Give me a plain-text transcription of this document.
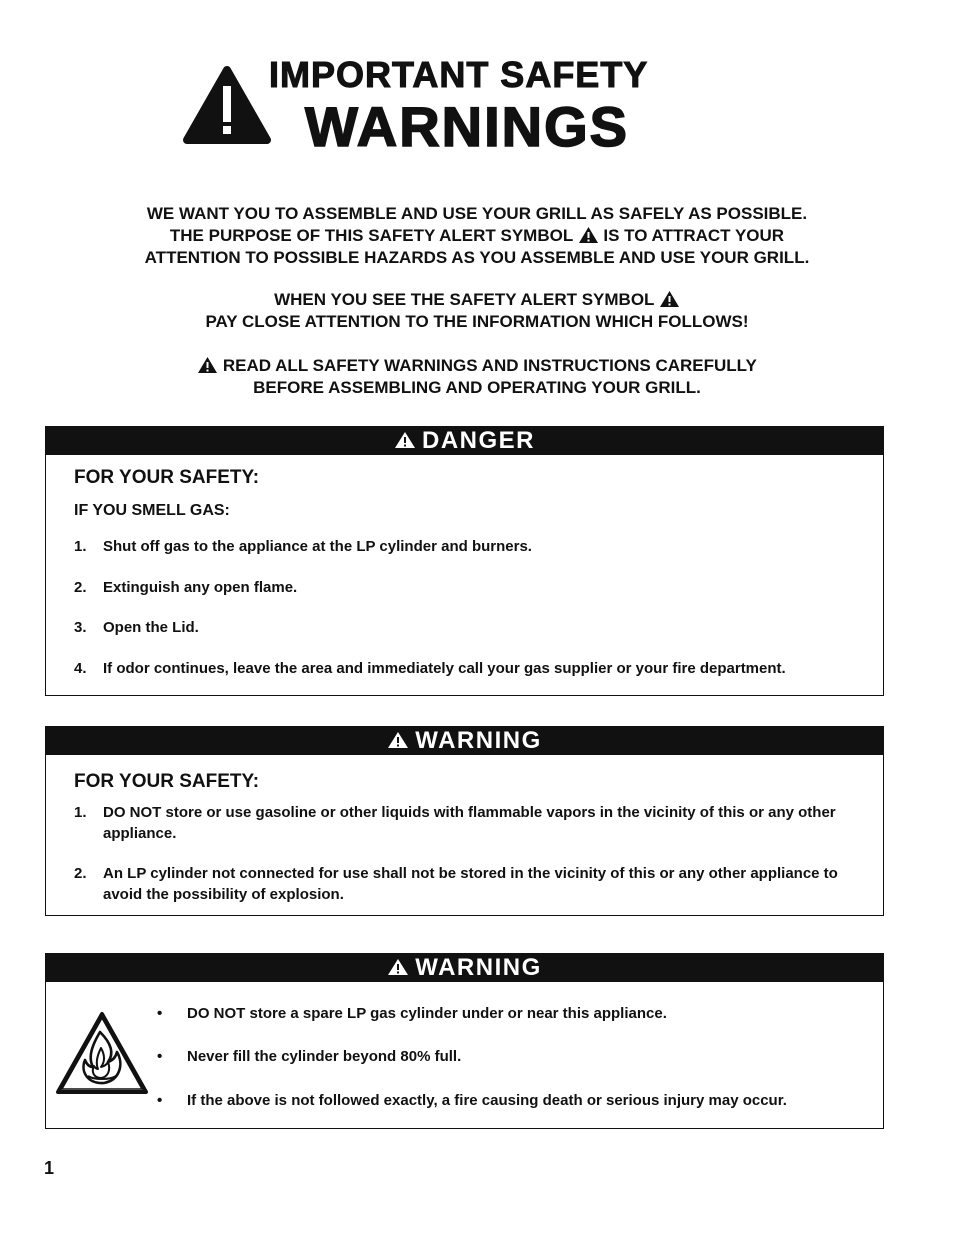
IMPORTANT SAFETY
WARNINGS
WE WANT YOU TO ASSEMBLE AND USE YOUR GRILL AS SAFELY AS POSSIBLE.
THE PURPOSE OF THIS SAFETY ALERT SYMBOL IS TO ATTRACT YOUR
ATTENTION TO POSSIBLE HAZARDS AS YOU ASSEMBLE AND USE YOUR GRILL.
WHEN YOU SEE THE SAFETY ALERT SYMBOL
PAY CLOSE ATTENTION TO THE INFORMATION WHICH FOLLOWS!
READ ALL SAFETY WARNINGS AND INSTRUCTIONS CAREFULLY
BEFORE ASSEMBLING AND OPERATING YOUR GRILL.
DANGER
FOR YOUR SAFETY:
IF YOU SMELL GAS:
1. Shut off gas to the appliance at the LP cylinder and burners.
2. Extinguish any open flame.
3. Open the Lid.
4. If odor continues, leave the area and immediately call your gas supplier or your fire department.
WARNING
FOR YOUR SAFETY:
1. DO NOT store or use gasoline or other liquids with flammable vapors in the vicinity of this or any other appliance.
2. An LP cylinder not connected for use shall not be stored in the vicinity of this or any other appliance to avoid the possibility of explosion.
WARNING
• DO NOT store a spare LP gas cylinder under or near this appliance.
• Never fill the cylinder beyond 80% full.
• If the above is not followed exactly, a fire causing death or serious injury may occur.
1
